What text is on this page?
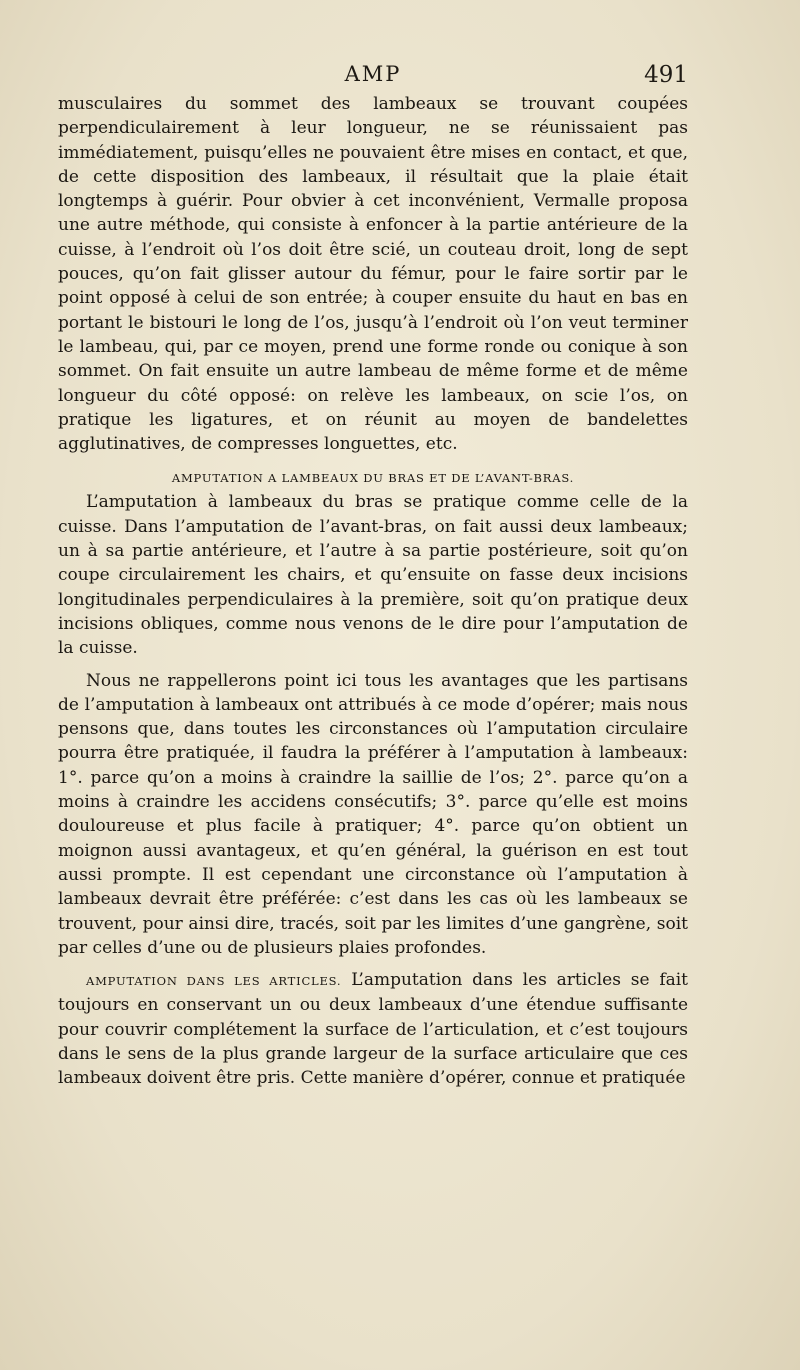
AMP	491

musculaires du sommet des lambeaux se trouvant coupées perpendiculairement à leur longueur, ne se réunissaient pas immédiatement, puisqu’elles ne pouvaient être mises en contact, et que, de cette disposition des lambeaux, il résultait que la plaie était longtemps à guérir. Pour obvier à cet inconvénient, Vermalle proposa une autre méthode, qui consiste à enfoncer à la partie antérieure de la cuisse, à l’endroit où l’os doit être scié, un couteau droit, long de sept pouces, qu’on fait glisser autour du fémur, pour le faire sortir par le point opposé à celui de son entrée; à couper ensuite du haut en bas en portant le bistouri le long de l’os, jusqu’à l’endroit où l’on veut terminer le lambeau, qui, par ce moyen, prend une forme ronde ou conique à son sommet. On fait ensuite un autre lambeau de même forme et de même longueur du côté opposé: on relève les lambeaux, on scie l’os, on pratique les ligatures, et on réunit au moyen de bandelettes agglutinatives, de compresses longuettes, etc.

AMPUTATION A LAMBEAUX DU BRAS ET DE L’AVANT-BRAS.

L’amputation à lambeaux du bras se pratique comme celle de la cuisse. Dans l’amputation de l’avant-bras, on fait aussi deux lambeaux; un à sa partie antérieure, et l’autre à sa partie postérieure, soit qu’on coupe circulairement les chairs, et qu’ensuite on fasse deux incisions longitudinales perpendiculaires à la première, soit qu’on pratique deux incisions obliques, comme nous venons de le dire pour l’amputation de la cuisse.

Nous ne rappellerons point ici tous les avantages que les partisans de l’amputation à lambeaux ont attribués à ce mode d’opérer; mais nous pensons que, dans toutes les circonstances où l’amputation circulaire pourra être pratiquée, il faudra la préférer à l’amputation à lambeaux: 1°. parce qu’on a moins à craindre la saillie de l’os; 2°. parce qu’on a moins à craindre les accidens consécutifs; 3°. parce qu’elle est moins douloureuse et plus facile à pratiquer; 4°. parce qu’on obtient un moignon aussi avantageux, et qu’en général, la guérison en est tout aussi prompte. Il est cependant une circonstance où l’amputation à lambeaux devrait être préférée: c’est dans les cas où les lambeaux se trouvent, pour ainsi dire, tracés, soit par les limites d’une gangrène, soit par celles d’une ou de plusieurs plaies profondes.

AMPUTATION DANS LES ARTICLES. L’amputation dans les articles se fait toujours en conservant un ou deux lambeaux d’une étendue suffisante pour couvrir complétement la surface de l’articulation, et c’est toujours dans le sens de la plus grande largeur de la surface articulaire que ces lambeaux doivent être pris. Cette manière d’opérer, connue et pratiquée
